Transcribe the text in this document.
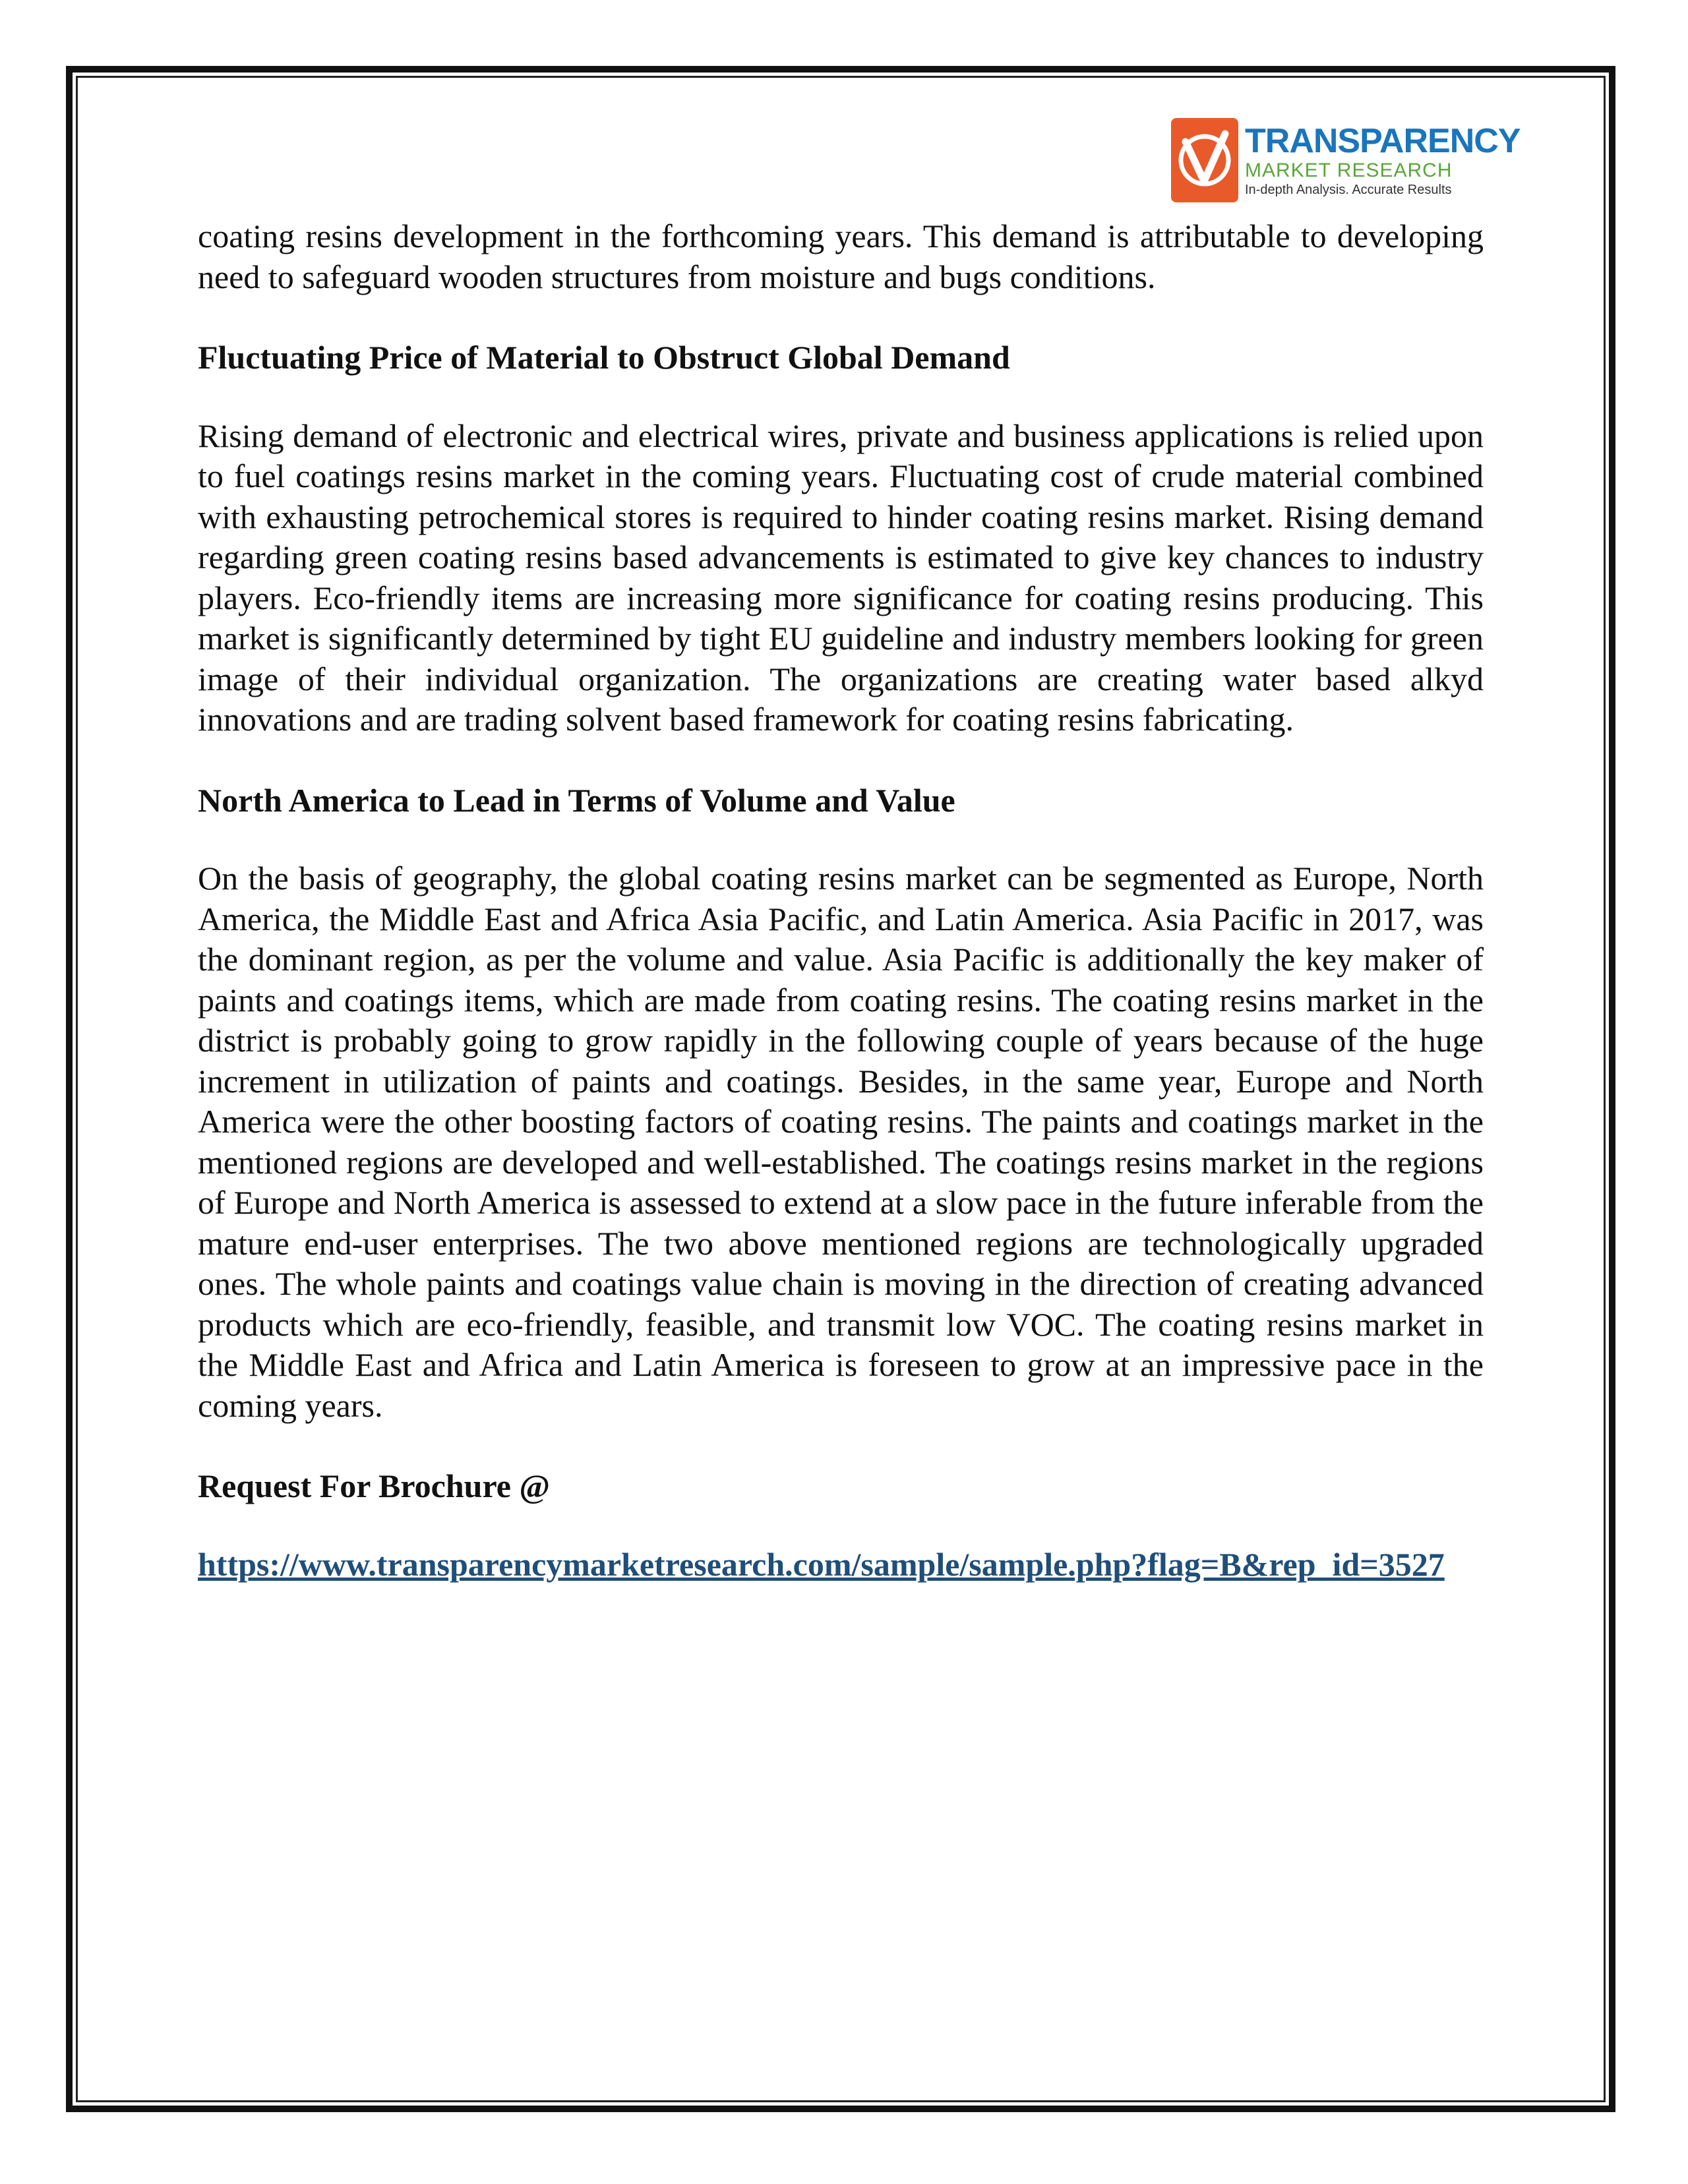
TRANSPARENCY
MARKET RESEARCH
In-depth Analysis. Accurate Results

coating resins development in the forthcoming years. This demand is attributable to developing need to safeguard wooden structures from moisture and bugs conditions.

Fluctuating Price of Material to Obstruct Global Demand

Rising demand of electronic and electrical wires, private and business applications is relied upon to fuel coatings resins market in the coming years. Fluctuating cost of crude material combined with exhausting petrochemical stores is required to hinder coating resins market. Rising demand regarding green coating resins based advancements is estimated to give key chances to industry players. Eco-friendly items are increasing more significance for coating resins producing. This market is significantly determined by tight EU guideline and industry members looking for green image of their individual organization. The organizations are creating water based alkyd innovations and are trading solvent based framework for coating resins fabricating.

North America to Lead in Terms of Volume and Value

On the basis of geography, the global coating resins market can be segmented as Europe, North America, the Middle East and Africa Asia Pacific, and Latin America. Asia Pacific in 2017, was the dominant region, as per the volume and value. Asia Pacific is additionally the key maker of paints and coatings items, which are made from coating resins. The coating resins market in the district is probably going to grow rapidly in the following couple of years because of the huge increment in utilization of paints and coatings. Besides, in the same year, Europe and North America were the other boosting factors of coating resins. The paints and coatings market in the mentioned regions are developed and well-established. The coatings resins market in the regions of Europe and North America is assessed to extend at a slow pace in the future inferable from the mature end-user enterprises. The two above mentioned regions are technologically upgraded ones. The whole paints and coatings value chain is moving in the direction of creating advanced products which are eco-friendly, feasible, and transmit low VOC. The coating resins market in the Middle East and Africa and Latin America is foreseen to grow at an impressive pace in the coming years.

Request For Brochure @

https://www.transparencymarketresearch.com/sample/sample.php?flag=B&rep_id=3527
